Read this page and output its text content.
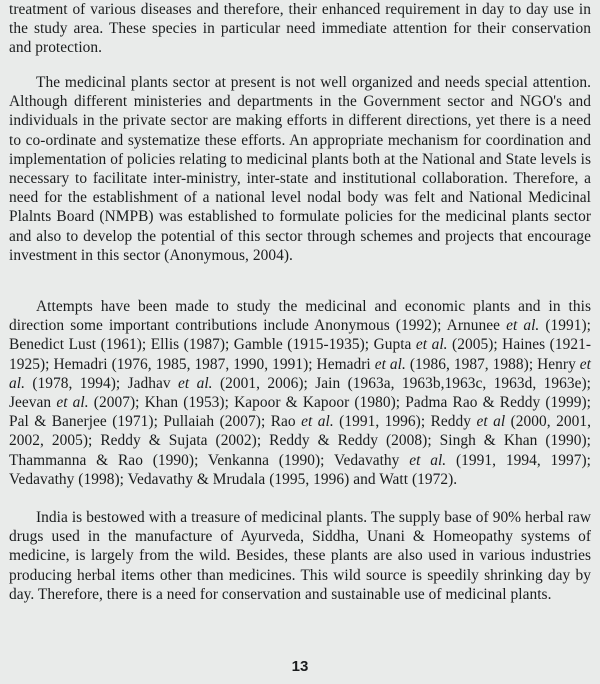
treatment of various diseases and therefore, their enhanced requirement in day to day use in the study area. These species in particular need immediate attention for their conservation and protection.

The medicinal plants sector at present is not well organized and needs special attention. Although different ministeries and departments in the Government sector and NGO's and individuals in the private sector are making efforts in different directions, yet there is a need to co-ordinate and systematize these efforts. An appropriate mechanism for coordination and implementation of policies relating to medicinal plants both at the National and State levels is necessary to facilitate inter-ministry, inter-state and institutional collaboration. Therefore, a need for the establishment of a national level nodal body was felt and National Medicinal Plalnts Board (NMPB) was established to formulate policies for the medicinal plants sector and also to develop the potential of this sector through schemes and projects that encourage investment in this sector (Anonymous, 2004).

Attempts have been made to study the medicinal and economic plants and in this direction some important contributions include Anonymous (1992); Arnunee et al. (1991); Benedict Lust (1961); Ellis (1987); Gamble (1915-1935); Gupta et al. (2005); Haines (1921-1925); Hemadri (1976, 1985, 1987, 1990, 1991); Hemadri et al. (1986, 1987, 1988); Henry et al. (1978, 1994); Jadhav et al. (2001, 2006); Jain (1963a, 1963b,1963c, 1963d, 1963e); Jeevan et al. (2007); Khan (1953); Kapoor & Kapoor (1980); Padma Rao & Reddy (1999); Pal & Banerjee (1971); Pullaiah (2007); Rao et al. (1991, 1996); Reddy et al (2000, 2001, 2002, 2005); Reddy & Sujata (2002); Reddy & Reddy (2008); Singh & Khan (1990); Thammanna & Rao (1990); Venkanna (1990); Vedavathy et al. (1991, 1994, 1997); Vedavathy (1998); Vedavathy & Mrudala (1995, 1996) and Watt (1972).

India is bestowed with a treasure of medicinal plants. The supply base of 90% herbal raw drugs used in the manufacture of Ayurveda, Siddha, Unani & Homeopathy systems of medicine, is largely from the wild. Besides, these plants are also used in various industries producing herbal items other than medicines. This wild source is speedily shrinking day by day. Therefore, there is a need for conservation and sustainable use of medicinal plants.

13
